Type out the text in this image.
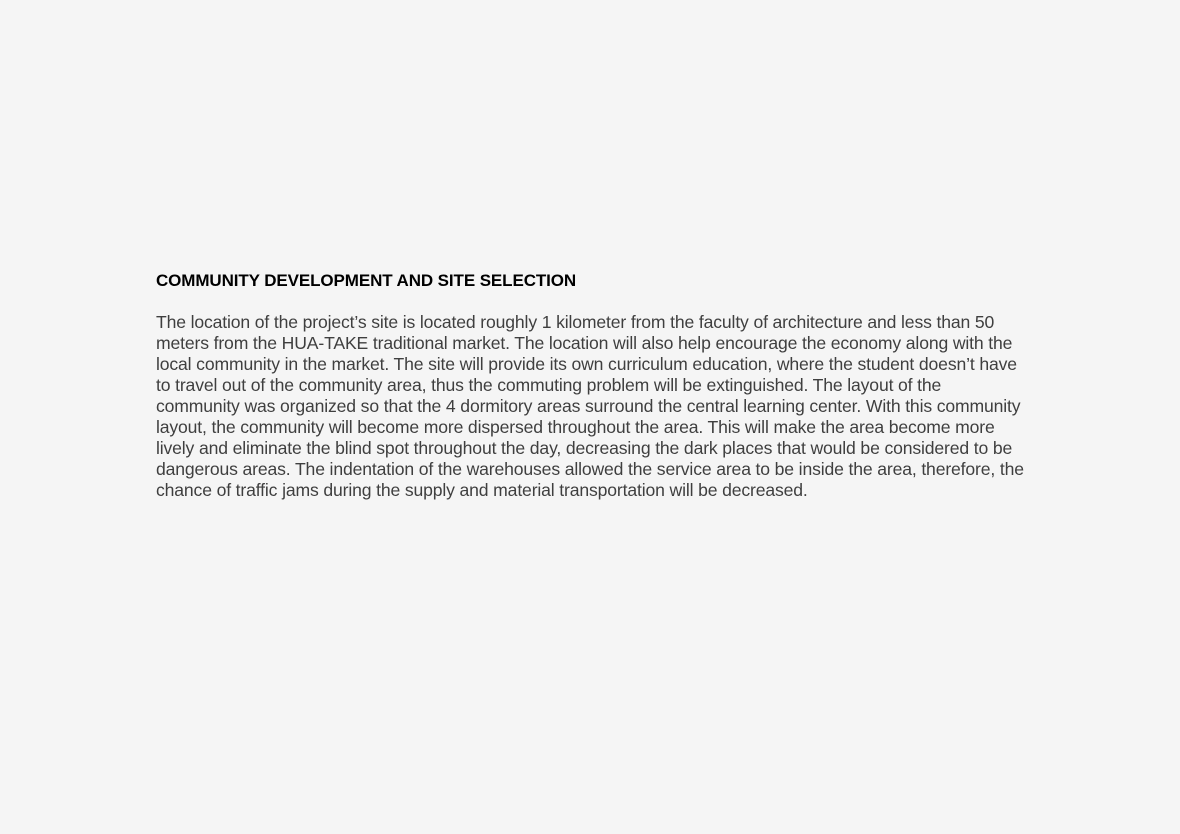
COMMUNITY DEVELOPMENT AND SITE SELECTION

The location of the project’s site is located roughly 1 kilometer from the faculty of architecture and less than 50 meters from the HUA-TAKE traditional market. The location will also help encourage the economy along with the local community in the market. The site will provide its own curriculum education, where the student doesn’t have to travel out of the community area, thus the commuting problem will be extinguished. The layout of the community was organized so that the 4 dormitory areas surround the central learning center. With this community layout, the community will become more dispersed throughout the area. This will make the area become more lively and eliminate the blind spot throughout the day, decreasing the dark places that would be considered to be dangerous areas. The indentation of the warehouses allowed the service area to be inside the area, therefore, the chance of traffic jams during the supply and material transportation will be decreased.
